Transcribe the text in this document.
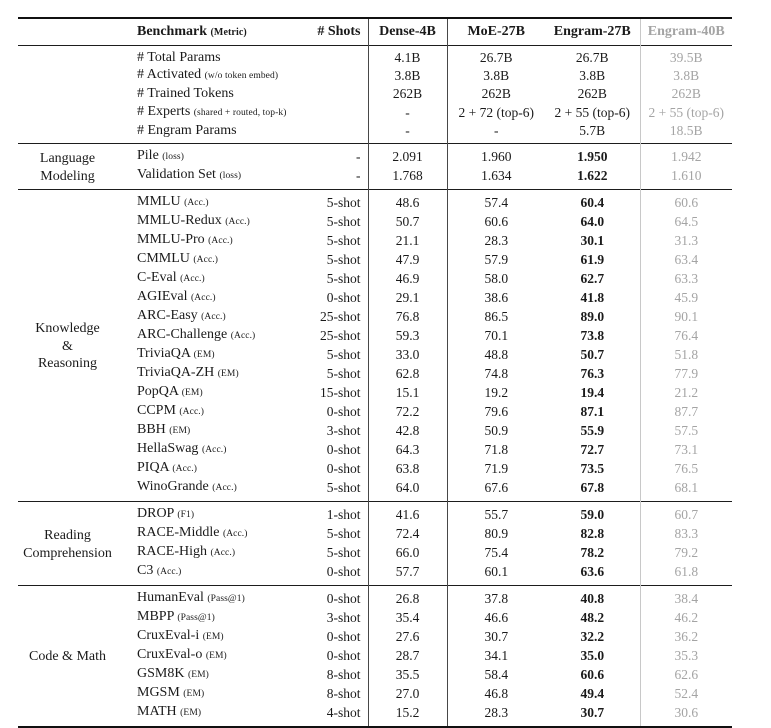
	Benchmark (Metric)	# Shots	Dense-4B	MoE-27B	Engram-27B	Engram-40B
	# Total Params		4.1B	26.7B	26.7B	39.5B
	# Activated (w/o token embed)		3.8B	3.8B	3.8B	3.8B
	# Trained Tokens		262B	262B	262B	262B
	# Experts (shared + routed, top-k)		-	2 + 72 (top-6)	2 + 55 (top-6)	2 + 55 (top-6)
	# Engram Params		-	-	5.7B	18.5B

Language
Modeling	Pile (loss)	-	2.091	1.960	1.950	1.942
	Validation Set (loss)	-	1.768	1.634	1.622	1.610

Knowledge
&
Reasoning	MMLU (Acc.)	5-shot	48.6	57.4	60.4	60.6
	MMLU-Redux (Acc.)	5-shot	50.7	60.6	64.0	64.5
	MMLU-Pro (Acc.)	5-shot	21.1	28.3	30.1	31.3
	CMMLU (Acc.)	5-shot	47.9	57.9	61.9	63.4
	C-Eval (Acc.)	5-shot	46.9	58.0	62.7	63.3
	AGIEval (Acc.)	0-shot	29.1	38.6	41.8	45.9
	ARC-Easy (Acc.)	25-shot	76.8	86.5	89.0	90.1
	ARC-Challenge (Acc.)	25-shot	59.3	70.1	73.8	76.4
	TriviaQA (EM)	5-shot	33.0	48.8	50.7	51.8
	TriviaQA-ZH (EM)	5-shot	62.8	74.8	76.3	77.9
	PopQA (EM)	15-shot	15.1	19.2	19.4	21.2
	CCPM (Acc.)	0-shot	72.2	79.6	87.1	87.7
	BBH (EM)	3-shot	42.8	50.9	55.9	57.5
	HellaSwag (Acc.)	0-shot	64.3	71.8	72.7	73.1
	PIQA (Acc.)	0-shot	63.8	71.9	73.5	76.5
	WinoGrande (Acc.)	5-shot	64.0	67.6	67.8	68.1

Reading
Comprehension	DROP (F1)	1-shot	41.6	55.7	59.0	60.7
	RACE-Middle (Acc.)	5-shot	72.4	80.9	82.8	83.3
	RACE-High (Acc.)	5-shot	66.0	75.4	78.2	79.2
	C3 (Acc.)	0-shot	57.7	60.1	63.6	61.8

Code & Math	HumanEval (Pass@1)	0-shot	26.8	37.8	40.8	38.4
	MBPP (Pass@1)	3-shot	35.4	46.6	48.2	46.2
	CruxEval-i (EM)	0-shot	27.6	30.7	32.2	36.2
	CruxEval-o (EM)	0-shot	28.7	34.1	35.0	35.3
	GSM8K (EM)	8-shot	35.5	58.4	60.6	62.6
	MGSM (EM)	8-shot	27.0	46.8	49.4	52.4
	MATH (EM)	4-shot	15.2	28.3	30.7	30.6
